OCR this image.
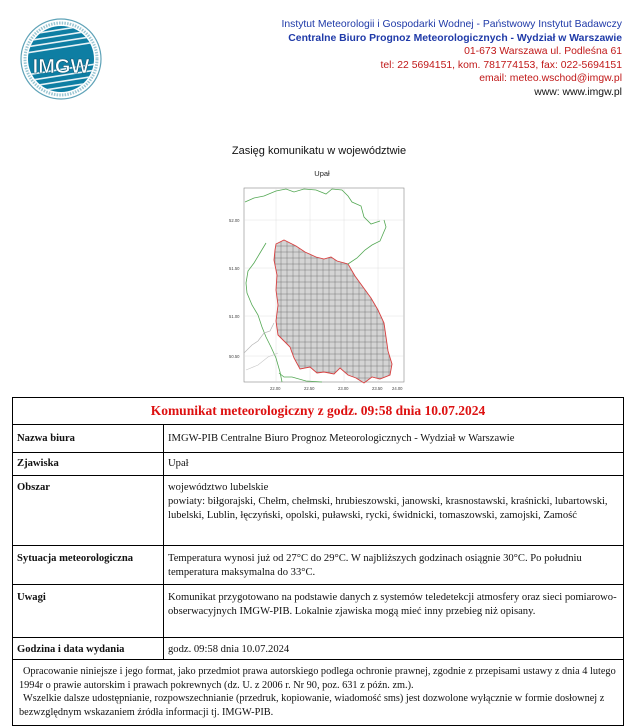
IMGW
Instytut Meteorologii i Gospodarki Wodnej - Państwowy Instytut Badawczy
Centralne Biuro Prognoz Meteorologicznych - Wydział w Warszawie
01-673 Warszawa ul. Podleśna 61
tel: 22 5694151, kom. 781774153, fax: 022-5694151
email: meteo.wschod@imgw.pl
www: www.imgw.pl
Zasięg komunikatu w województwie
Upał
52.00
51.50
51.00
50.50
22.00	22.50	23.00	23.50 24.00
Komunikat meteorologiczny z godz. 09:58 dnia 10.07.2024	
Nazwa biura	IMGW-PIB Centralne Biuro Prognoz Meteorologicznych - Wydział w Warszawie
Zjawiska	Upał
Obszar	województwo lubelskie
powiaty: biłgorajski, Chełm, chełmski, hrubieszowski, janowski, krasnostawski, kraśnicki, lubartowski, lubelski, Lublin, łęczyński, opolski, puławski, rycki, świdnicki, tomaszowski, zamojski, Zamość

Sytuacja meteorologiczna	Temperatura wynosi już od 27°C do 29°C. W najbliższych godzinach osiągnie 30°C. Po południu temperatura maksymalna do 33°C.
Uwagi	Komunikat przygotowano na podstawie danych z systemów teledetekcji atmosfery oraz sieci pomiarowo-obserwacyjnych IMGW-PIB. Lokalnie zjawiska mogą mieć inny przebieg niż opisany.
Godzina i data wydania	godz. 09:58 dnia 10.07.2024

Opracowanie niniejsze i jego format, jako przedmiot prawa autorskiego podlega ochronie prawnej, zgodnie z przepisami ustawy z dnia 4 lutego 1994r o prawie autorskim i prawach pokrewnych (dz. U. z 2006 r. Nr 90, poz. 631 z późn. zm.).
Wszelkie dalsze udostępnianie, rozpowszechnianie (przedruk, kopiowanie, wiadomość sms) jest dozwolone wyłącznie w formie dosłownej z bezwzględnym wskazaniem źródła informacji tj. IMGW-PIB.	
